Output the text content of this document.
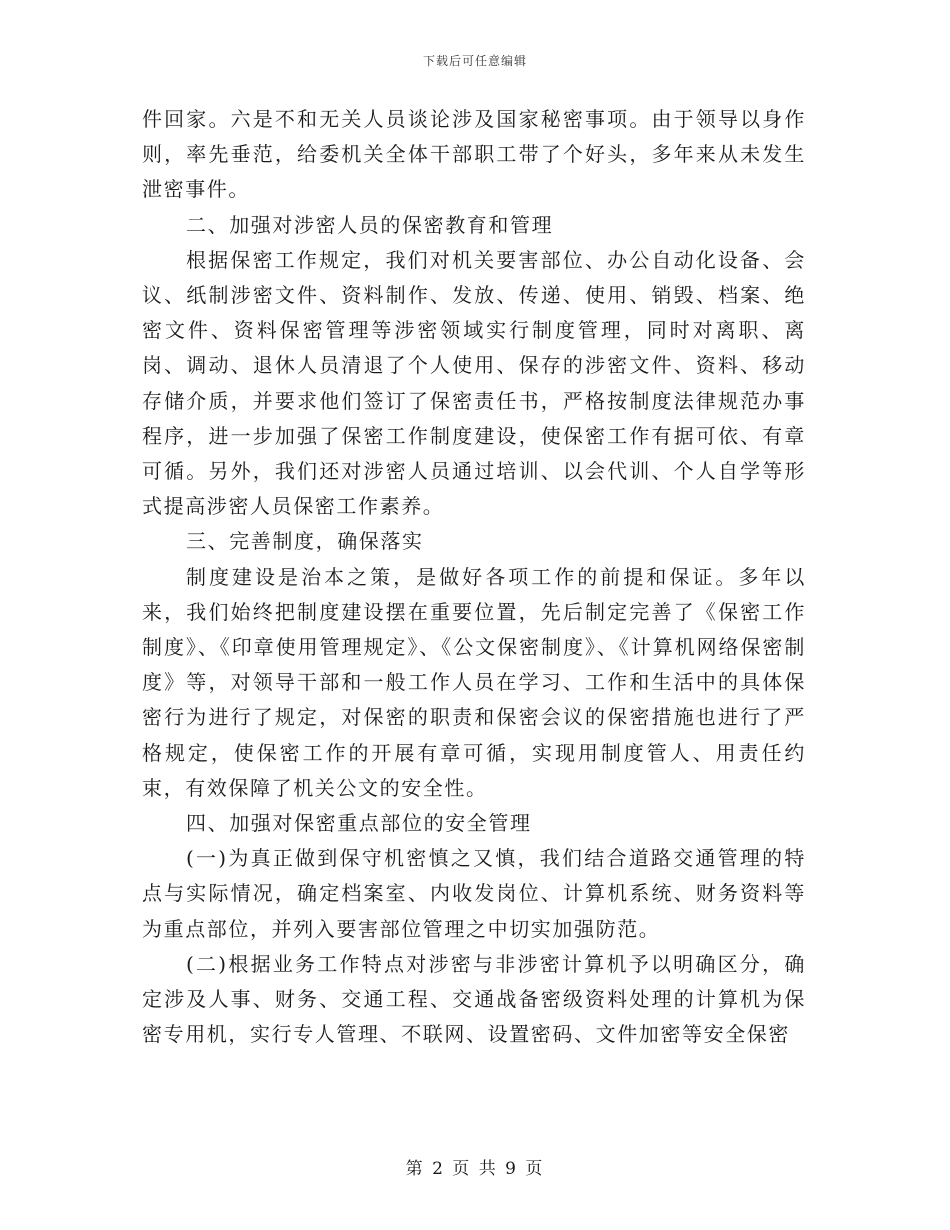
下载后可任意编辑

件回家。六是不和无关人员谈论涉及国家秘密事项。由于领导以身作则，率先垂范，给委机关全体干部职工带了个好头，多年来从未发生泄密事件。

二、加强对涉密人员的保密教育和管理

根据保密工作规定，我们对机关要害部位、办公自动化设备、会议、纸制涉密文件、资料制作、发放、传递、使用、销毁、档案、绝密文件、资料保密管理等涉密领域实行制度管理，同时对离职、离岗、调动、退休人员清退了个人使用、保存的涉密文件、资料、移动存储介质，并要求他们签订了保密责任书，严格按制度法律规范办事程序，进一步加强了保密工作制度建设，使保密工作有据可依、有章可循。另外，我们还对涉密人员通过培训、以会代训、个人自学等形式提高涉密人员保密工作素养。

三、完善制度，确保落实

制度建设是治本之策，是做好各项工作的前提和保证。多年以来，我们始终把制度建设摆在重要位置，先后制定完善了《保密工作制度》、《印章使用管理规定》、《公文保密制度》、《计算机网络保密制度》等，对领导干部和一般工作人员在学习、工作和生活中的具体保密行为进行了规定，对保密的职责和保密会议的保密措施也进行了严格规定，使保密工作的开展有章可循，实现用制度管人、用责任约束，有效保障了机关公文的安全性。

四、加强对保密重点部位的安全管理

(一)为真正做到保守机密慎之又慎，我们结合道路交通管理的特点与实际情况，确定档案室、内收发岗位、计算机系统、财务资料等为重点部位，并列入要害部位管理之中切实加强防范。

(二)根据业务工作特点对涉密与非涉密计算机予以明确区分，确定涉及人事、财务、交通工程、交通战备密级资料处理的计算机为保密专用机，实行专人管理、不联网、设置密码、文件加密等安全保密

第 2 页 共 9 页
